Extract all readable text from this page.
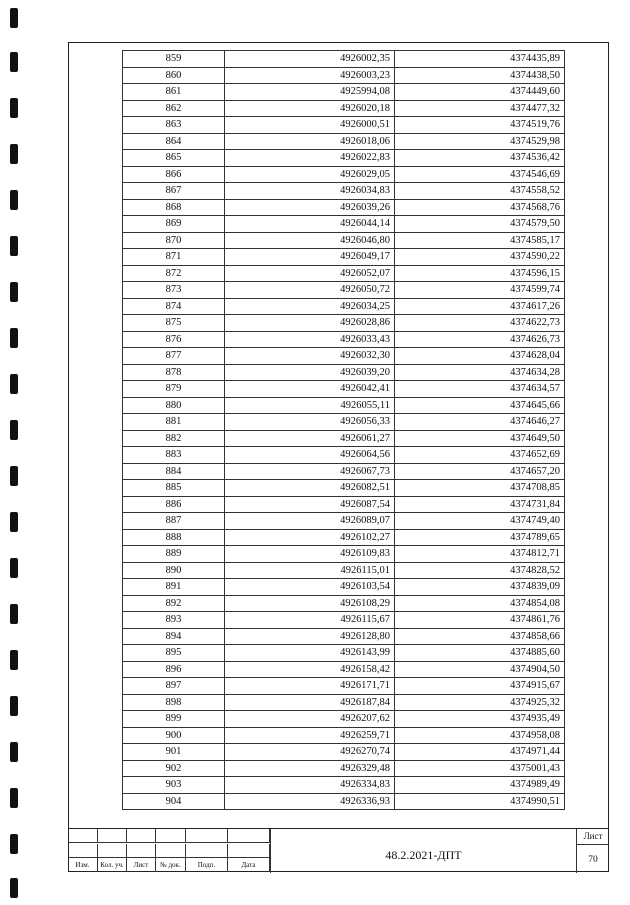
859	4926002,35	4374435,89
860	4926003,23	4374438,50
861	4925994,08	4374449,60
862	4926020,18	4374477,32
863	4926000,51	4374519,76
864	4926018,06	4374529,98
865	4926022,83	4374536,42
866	4926029,05	4374546,69
867	4926034,83	4374558,52
868	4926039,26	4374568,76
869	4926044,14	4374579,50
870	4926046,80	4374585,17
871	4926049,17	4374590,22
872	4926052,07	4374596,15
873	4926050,72	4374599,74
874	4926034,25	4374617,26
875	4926028,86	4374622,73
876	4926033,43	4374626,73
877	4926032,30	4374628,04
878	4926039,20	4374634,28
879	4926042,41	4374634,57
880	4926055,11	4374645,66
881	4926056,33	4374646,27
882	4926061,27	4374649,50
883	4926064,56	4374652,69
884	4926067,73	4374657,20
885	4926082,51	4374708,85
886	4926087,54	4374731,84
887	4926089,07	4374749,40
888	4926102,27	4374789,65
889	4926109,83	4374812,71
890	4926115,01	4374828,52
891	4926103,54	4374839,09
892	4926108,29	4374854,08
893	4926115,67	4374861,76
894	4926128,80	4374858,66
895	4926143,99	4374885,60
896	4926158,42	4374904,50
897	4926171,71	4374915,67
898	4926187,84	4374925,32
899	4926207,62	4374935,49
900	4926259,71	4374958,08
901	4926270,74	4374971,44
902	4926329,48	4375001,43
903	4926334,83	4374989,49
904	4926336,93	4374990,51
Изм.	Кол. уч.	Лист	№ док.	Подп.	Дата
48.2.2021-ДПТ
Лист
70
